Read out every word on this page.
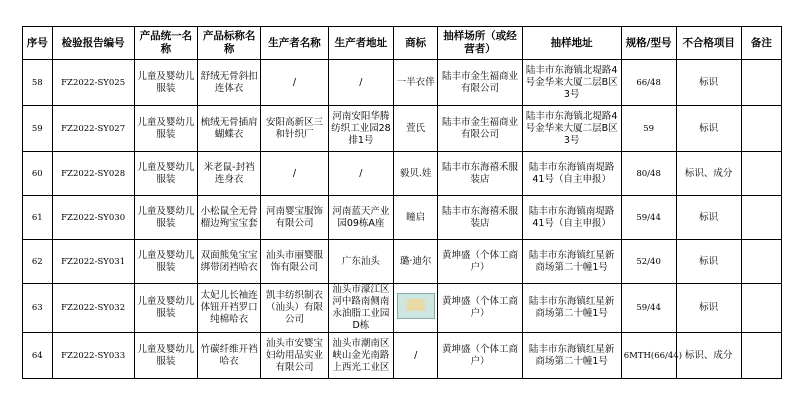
序号	检验报告编号	产品统一名称	产品标称名称	生产者名称	生产者地址	商标	抽样场所（或经营者）	抽样地址	规格/型号	不合格项目	备注
58	FZ2022-SY025	儿童及婴幼儿服装	舒绒无骨斜扣连体衣	/	/	一半衣伴	陆丰市金生福商业有限公司	陆丰市东海镇北堤路4号金华来大厦二层B区3号	66/48	标识	
59	FZ2022-SY027	儿童及婴幼儿服装	梳绒无骨插肩蝴蝶衣	安阳高新区三和针织厂	河南安阳华腾纺织工业园28排1号	萱氏	陆丰市金生福商业有限公司	陆丰市东海镇北堤路4号金华来大厦二层B区3号	59	标识	
60	FZ2022-SY028	儿童及婴幼儿服装	米老鼠-封裆连身衣	/	/	毅贝.娃	陆丰市东海禧禾服装店	陆丰市东海镇南堤路41号（自主申报）	80/48	标识、成分	
61	FZ2022-SY030	儿童及婴幼儿服装	小松鼠全无骨榴边殉宝宝套	河南婴宝服饰有限公司	河南蓝天产业园09栋A座	瞳启	陆丰市东海禧禾服装店	陆丰市东海镇南堤路41号（自主申报）	59/44	标识	
62	FZ2022-SY031	儿童及婴幼儿服装	双面熊兔宝宝绑带闭裆哈衣	汕头市丽婴服饰有限公司	广东汕头	璐·迪尔	黄坤盛（个体工商户）	陆丰市东海镇红星新商场第二十幢1号	52/40	标识	
63	FZ2022-SY032	儿童及婴幼儿服装	太妃儿长袖连体钮开裆罗口纯棉哈衣	凯丰纺织制衣（汕头）有限公司	汕头市濠江区河中路南侧南永油脂工业园D栋		黄坤盛（个体工商户）	陆丰市东海镇红星新商场第二十幢1号	59/44	标识	
64	FZ2022-SY033	儿童及婴幼儿服装	竹碳纤维开裆哈衣	汕头市安婴宝妇幼用品实业有限公司	汕头市潮南区峡山金光南路上西光工业区	/	黄坤盛（个体工商户）	陆丰市东海镇红星新商场第二十幢1号	6MTH(66/44)	标识、成分	
